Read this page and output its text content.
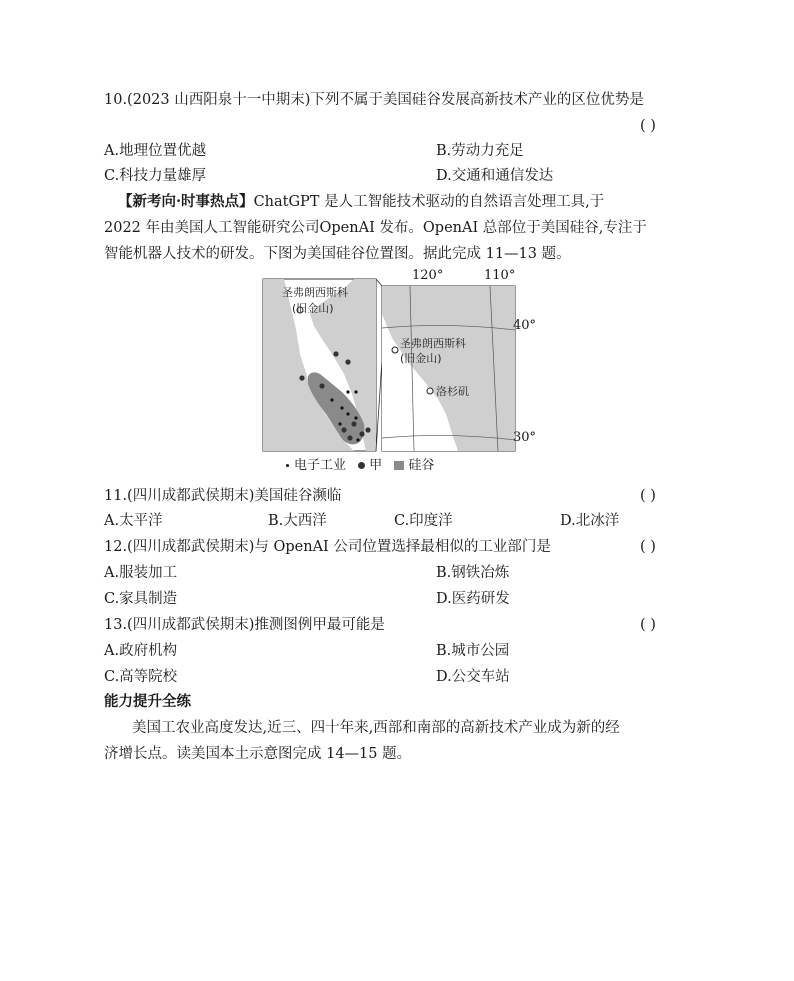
10.(2023 山西阳泉十一中期末)下列不属于美国硅谷发展高新技术产业的区位优势是
( )
A.地理位置优越	B.劳动力充足
C.科技力量雄厚	D.交通和通信发达
【新考向·时事热点】ChatGPT 是人工智能技术驱动的自然语言处理工具,于
2022 年由美国人工智能研究公司OpenAI 发布。OpenAI 总部位于美国硅谷,专注于
智能机器人技术的研发。下图为美国硅谷位置图。据此完成 11—13 题。
圣弗朗西斯科
(旧金山)
圣弗朗西斯科
(旧金山)
洛杉矶
120°	110°
电子工业 甲 硅谷
40°
30°
11.(四川成都武侯期末)美国硅谷濒临	( )
A.太平洋	B.大西洋	C.印度洋	D.北冰洋
12.(四川成都武侯期末)与 OpenAI 公司位置选择最相似的工业部门是	( )
A.服装加工	B.钢铁冶炼
C.家具制造	D.医药研发
13.(四川成都武侯期末)推测图例甲最可能是	( )
A.政府机构	B.城市公园
C.高等院校	D.公交车站
能力提升全练
美国工农业高度发达,近三、四十年来,西部和南部的高新技术产业成为新的经
济增长点。读美国本土示意图完成 14—15 题。
